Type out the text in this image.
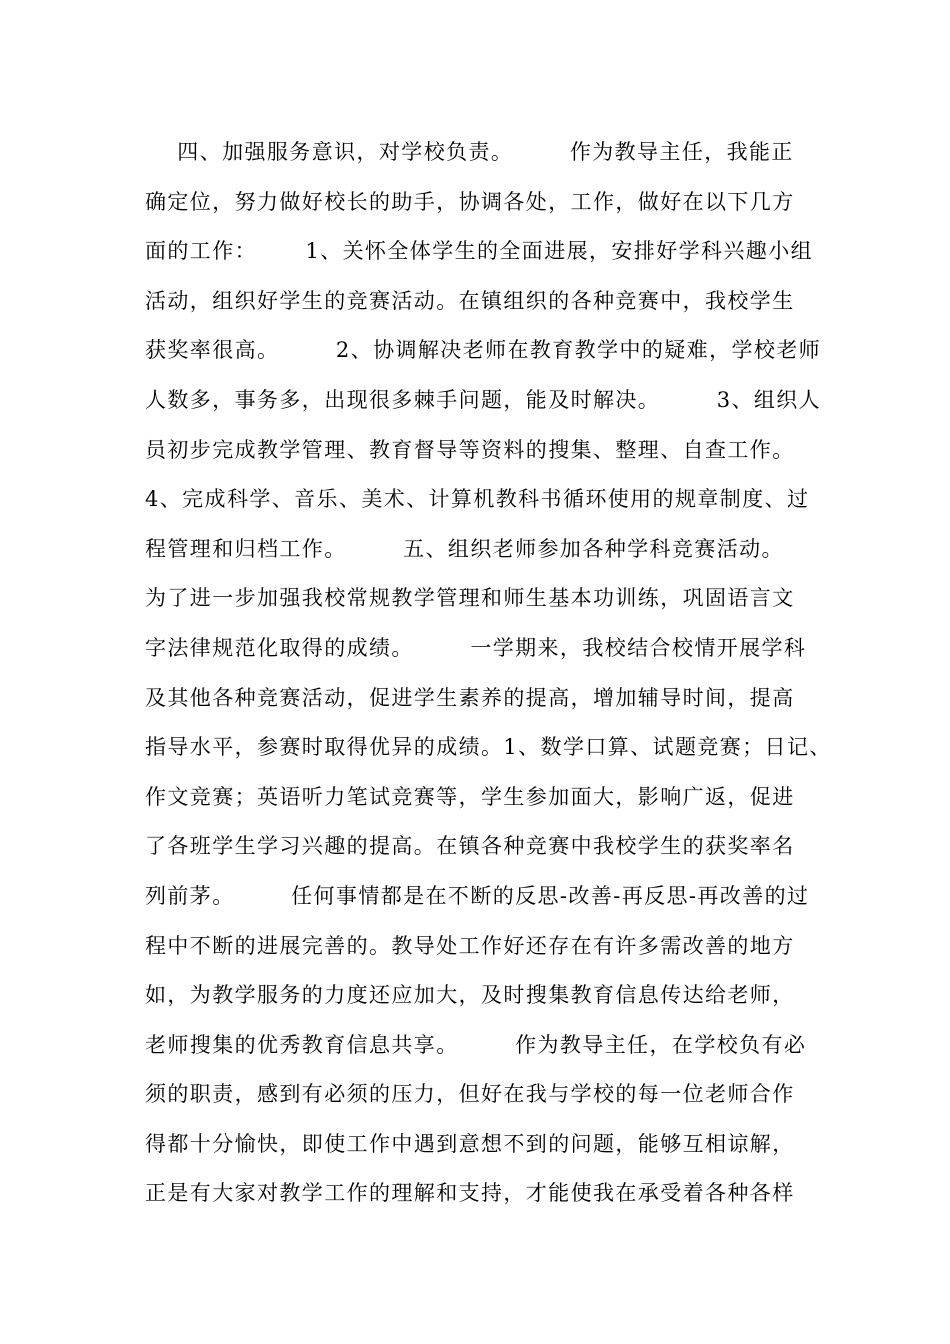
四、加强服务意识，对学校负责。       作为教导主任，我能正
确定位，努力做好校长的助手，协调各处，工作，做好在以下几方
面的工作：      1、关怀全体学生的全面进展，安排好学科兴趣小组
活动，组织好学生的竞赛活动。在镇组织的各种竞赛中，我校学生
获奖率很高。       2、协调解决老师在教育教学中的疑难，学校老师
人数多，事务多，出现很多棘手问题，能及时解决。       3、组织人
员初步完成教学管理、教育督导等资料的搜集、整理、自查工作。
4、完成科学、音乐、美术、计算机教科书循环使用的规章制度、过
程管理和归档工作。       五、组织老师参加各种学科竞赛活动。
为了进一步加强我校常规教学管理和师生基本功训练，巩固语言文
字法律规范化取得的成绩。       一学期来，我校结合校情开展学科
及其他各种竞赛活动，促进学生素养的提高，增加辅导时间，提高
指导水平，参赛时取得优异的成绩。1、数学口算、试题竞赛；日记、
作文竞赛；英语听力笔试竞赛等，学生参加面大，影响广返，促进
了各班学生学习兴趣的提高。在镇各种竞赛中我校学生的获奖率名
列前茅。       任何事情都是在不断的反思-改善-再反思-再改善的过
程中不断的进展完善的。教导处工作好还存在有许多需改善的地方
如，为教学服务的力度还应加大，及时搜集教育信息传达给老师，
老师搜集的优秀教育信息共享。       作为教导主任，在学校负有必
须的职责，感到有必须的压力，但好在我与学校的每一位老师合作
得都十分愉快，即使工作中遇到意想不到的问题，能够互相谅解，
正是有大家对教学工作的理解和支持，才能使我在承受着各种各样
